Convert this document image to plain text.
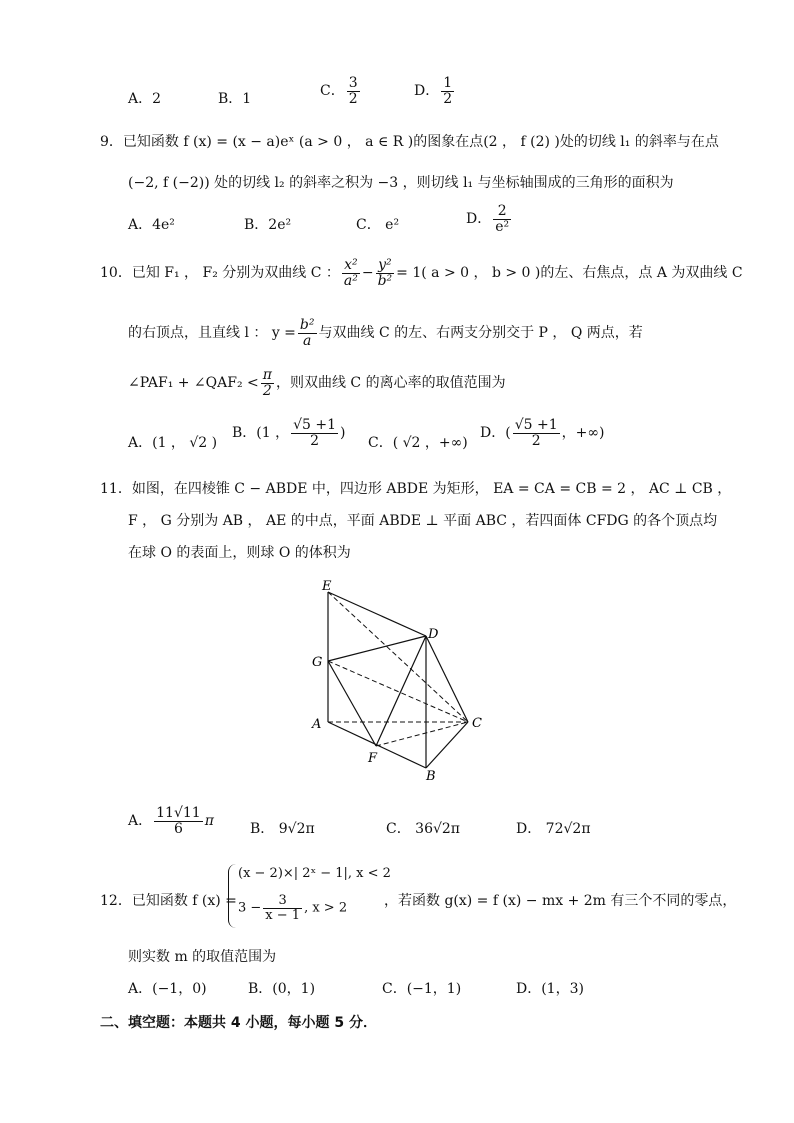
A．2	B．1	C． $\frac{3}{2}$	D． $\frac{1}{2}$
9．已知函数 f (x) = (x − a)eˣ (a > 0 ， a ∈ R )的图象在点(2 ， f (2) )处的切线 l₁ 的斜率与在点
(−2, f (−2)) 处的切线 l₂ 的斜率之积为 −3 ，则切线 l₁ 与坐标轴围成的三角形的面积为
A．4e²	B．2e²	C． e²	D． $\frac{2}{\text{e²}}$
10．已知 F₁ ， F₂ 分别为双曲线 C ： $\frac{\text{x²}}{\text{a²}} - \frac{\text{y²}}{\text{b²}} = 1$( a > 0 ， b > 0 )的左、右焦点，点 A 为双曲线 C
的右顶点，且直线 l ： $y = \frac{\text{b²}}{a}$ 与双曲线 C 的左、右两支分别交于 P ， Q 两点，若
∠PAF₁ + ∠QAF₂ < $\frac{\pi}{2}$ ，则双曲线 C 的离心率的取值范围为
A．(1 ， √2 )
B．(1 ， $\frac{√5 +1}{2}$ )
C．( √2 ，+∞)
D．( $\frac{√5 +1}{2}$ ，+∞)
11．如图，在四棱锥 C − ABDE 中，四边形 ABDE 为矩形， EA = CA = CB = 2 ， AC ⊥ CB ，
F ， G 分别为 AB ， AE 的中点，平面 ABDE ⊥ 平面 ABC ，若四面体 CFDG 的各个顶点均
在球 O 的表面上，则球 O 的体积为
E
D
G
A	C
F
B
A． $\frac{11√11}{6}$ π	B． 9√2π	C． 36√2π	D． 72√2π
12．已知函数 f (x) =
(x − 2)×| 2ˣ − 1|, x < 2
$3 - \frac{3}{x - 1}$ , x > 2	，若函数 g(x) = f (x) − mx + 2m 有三个不同的零点，
则实数 m 的取值范围为
A．(−1，0)	B．(0，1)	C．(−1，1)	D．(1，3)
二、填空题：本题共 4 小题，每小题 5 分．
